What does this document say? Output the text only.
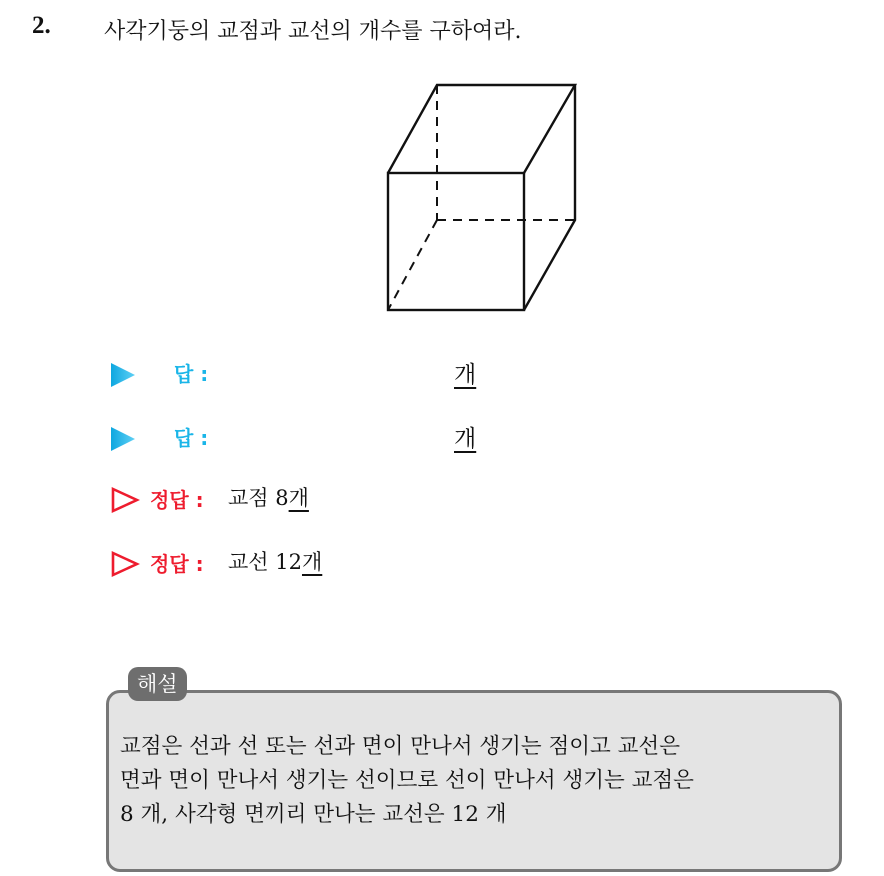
2. 사각기둥의 교점과 교선의 개수를 구하여라.
답 :	개
답 :	개
정답 : 교점 8개
정답 : 교선 12개
해설
교점은 선과 선 또는 선과 면이 만나서 생기는 점이고 교선은
면과 면이 만나서 생기는 선이므로 선이 만나서 생기는 교점은
8 개, 사각형 면끼리 만나는 교선은 12 개
